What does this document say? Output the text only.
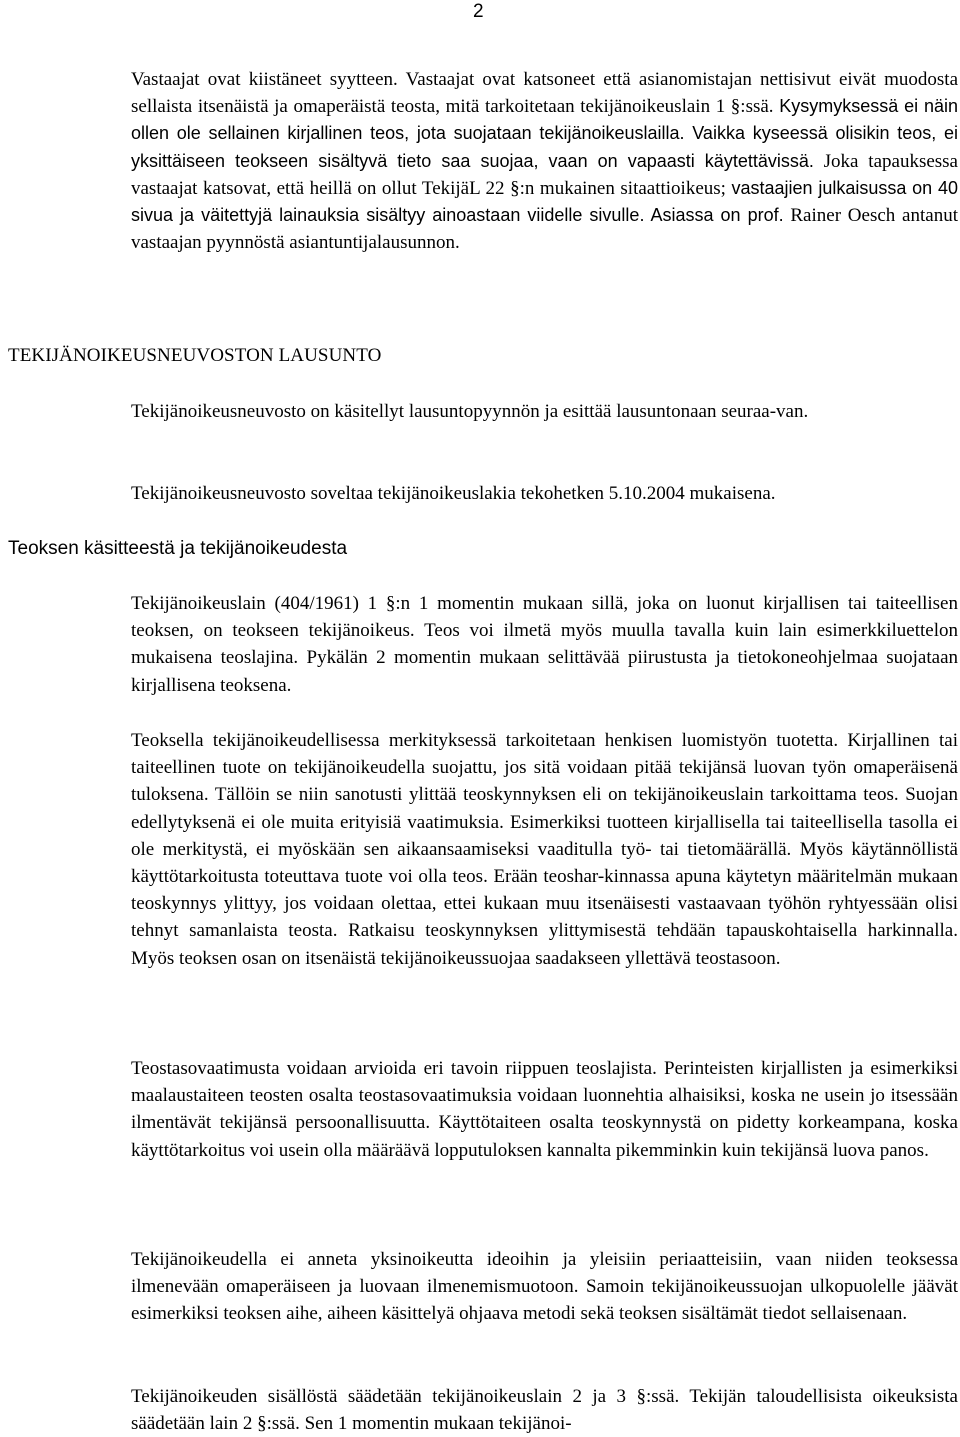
2

Vastaajat ovat kiistäneet syytteen. Vastaajat ovat katsoneet että asianomistajan nettisivut eivät muodosta sellaista itsenäistä ja omaperäistä teosta, mitä tarkoitetaan tekijänoikeuslain 1 §:ssä. Kysymyksessä ei näin ollen ole sellainen kirjallinen teos, jota suojataan tekijänoikeuslailla. Vaikka kyseessä olisikin teos, ei yksittäiseen teokseen sisältyvä tieto saa suojaa, vaan on vapaasti käytettävissä. Joka tapauksessa vastaajat katsovat, että heillä on ollut TekijäL 22 §:n mukainen sitaattioikeus; vastaajien julkaisussa on 40 sivua ja väitettyjä lainauksia sisältyy ainoastaan viidelle sivulle. Asiassa on prof. Rainer Oesch antanut vastaajan pyynnöstä asiantuntijalausunnon.

TEKIJÄNOIKEUSNEUVOSTON LAUSUNTO

Tekijänoikeusneuvosto on käsitellyt lausuntopyynnön ja esittää lausuntonaan seuraa-van.

Tekijänoikeusneuvosto soveltaa tekijänoikeuslakia tekohetken 5.10.2004 mukaisena.

Teoksen käsitteestä ja tekijänoikeudesta

Tekijänoikeuslain (404/1961) 1 §:n 1 momentin mukaan sillä, joka on luonut kirjallisen tai taiteellisen teoksen, on teokseen tekijänoikeus. Teos voi ilmetä myös muulla tavalla kuin lain esimerkkiluettelon mukaisena teoslajina. Pykälän 2 momentin mukaan selittävää piirustusta ja tietokoneohjelmaa suojataan kirjallisena teoksena.

Teoksella tekijänoikeudellisessa merkityksessä tarkoitetaan henkisen luomistyön tuotetta. Kirjallinen tai taiteellinen tuote on tekijänoikeudella suojattu, jos sitä voidaan pitää tekijänsä luovan työn omaperäisenä tuloksena. Tällöin se niin sanotusti ylittää teoskynnyksen eli on tekijänoikeuslain tarkoittama teos. Suojan edellytyksenä ei ole muita erityisiä vaatimuksia. Esimerkiksi tuotteen kirjallisella tai taiteellisella tasolla ei ole merkitystä, ei myöskään sen aikaansaamiseksi vaaditulla työ- tai tietomäärällä. Myös käytännöllistä käyttötarkoitusta toteuttava tuote voi olla teos. Erään teoshar-kinnassa apuna käytetyn määritelmän mukaan teoskynnys ylittyy, jos voidaan olettaa, ettei kukaan muu itsenäisesti vastaavaan työhön ryhtyessään olisi tehnyt samanlaista teosta. Ratkaisu teoskynnyksen ylittymisestä tehdään tapauskohtaisella harkinnalla. Myös teoksen osan on itsenäistä tekijänoikeussuojaa saadakseen yllettävä teostasoon.

Teostasovaatimusta voidaan arvioida eri tavoin riippuen teoslajista. Perinteisten kirjallisten ja esimerkiksi maalaustaiteen teosten osalta teostasovaatimuksia voidaan luonnehtia alhaisiksi, koska ne usein jo itsessään ilmentävät tekijänsä persoonallisuutta. Käyttötaiteen osalta teoskynnystä on pidetty korkeampana, koska käyttötarkoitus voi usein olla määräävä lopputuloksen kannalta pikemminkin kuin tekijänsä luova panos.

Tekijänoikeudella ei anneta yksinoikeutta ideoihin ja yleisiin periaatteisiin, vaan niiden teoksessa ilmenevään omaperäiseen ja luovaan ilmenemismuotoon. Samoin tekijänoikeussuojan ulkopuolelle jäävät esimerkiksi teoksen aihe, aiheen käsittelyä ohjaava metodi sekä teoksen sisältämät tiedot sellaisenaan.

Tekijänoikeuden sisällöstä säädetään tekijänoikeuslain 2 ja 3 §:ssä. Tekijän taloudellisista oikeuksista säädetään lain 2 §:ssä. Sen 1 momentin mukaan tekijänoi-
